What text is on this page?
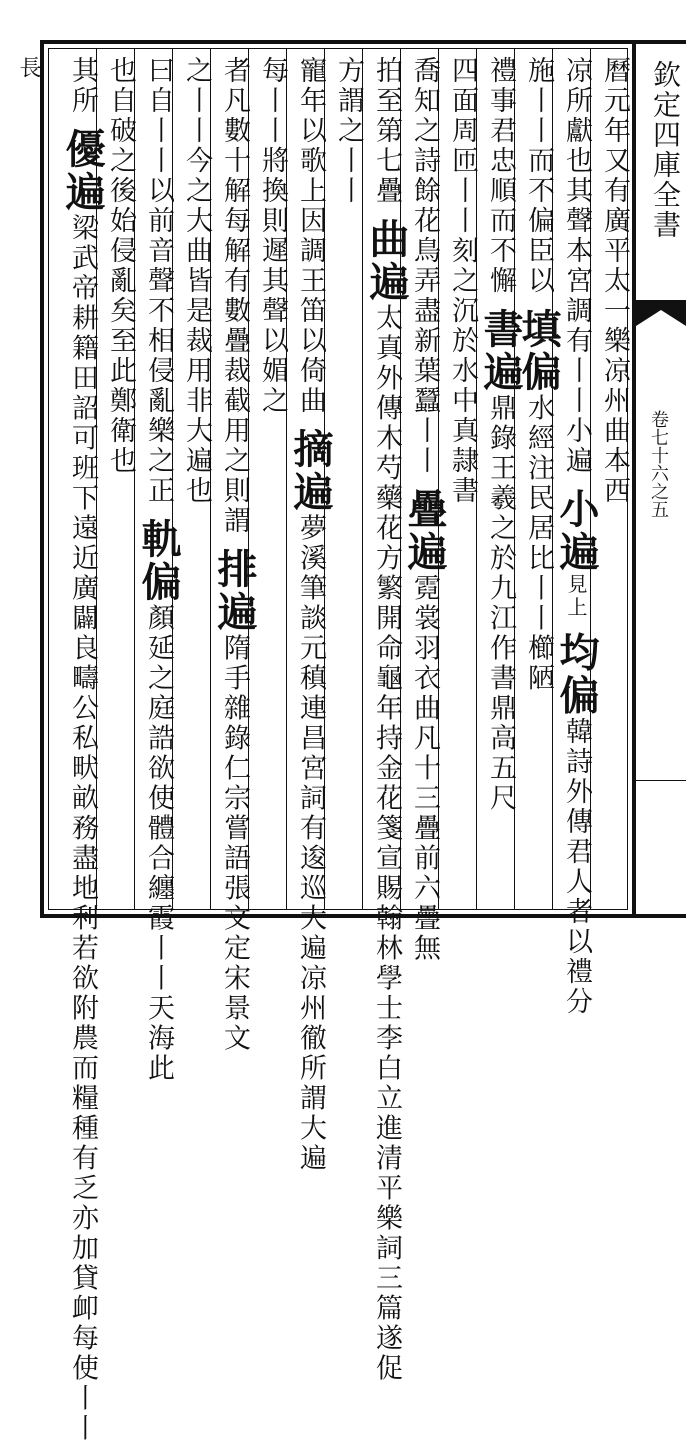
欽定四庫全書
卷七十六之五
曆元年又有廣平太一樂凉州曲本西
凉所獻也其聲本宮調有丨丨小遍 小遍見上 均偏韓詩外傳君人者以禮分
施丨丨而不偏臣以 填偏水經注民居比丨丨櫛陋
禮事君忠順而不懈 書遍鼎錄王羲之於九江作書鼎高五尺
四面周匝丨丨刻之沉於水中真隷書
喬知之詩餘花鳥弄盡新葉蠶丨丨 疊遍霓裳羽衣曲凡十三疊前六疊無
拍至第七疊 曲遍太真外傳木芍藥花方繁開命龜年持金花箋宣賜翰林學士李白立進清平樂詞三篇遂促
方謂之丨丨
寵年以歌上因調王笛以倚曲 摘遍夢溪筆談元稹連昌宮詞有逡巡大遍凉州徹所謂大遍
每丨丨將換則遲其聲以媚之
者凡數十解每解有數疊裁截用之則謂 排遍隋手雜錄仁宗嘗語張文定宋景文
之丨丨今之大曲皆是裁用非大遍也
曰自丨丨以前音聲不相侵亂樂之正 軌偏顏延之庭誥欲使體合纏霞丨丨天海此
也自破之後始侵亂矣至此鄭衛也
其所 優遍梁武帝耕籍田詔可班下遠近廣闢良疇公私畎畝務盡地利若欲附農而糧種有乏亦加貸卹每使丨丨
長
